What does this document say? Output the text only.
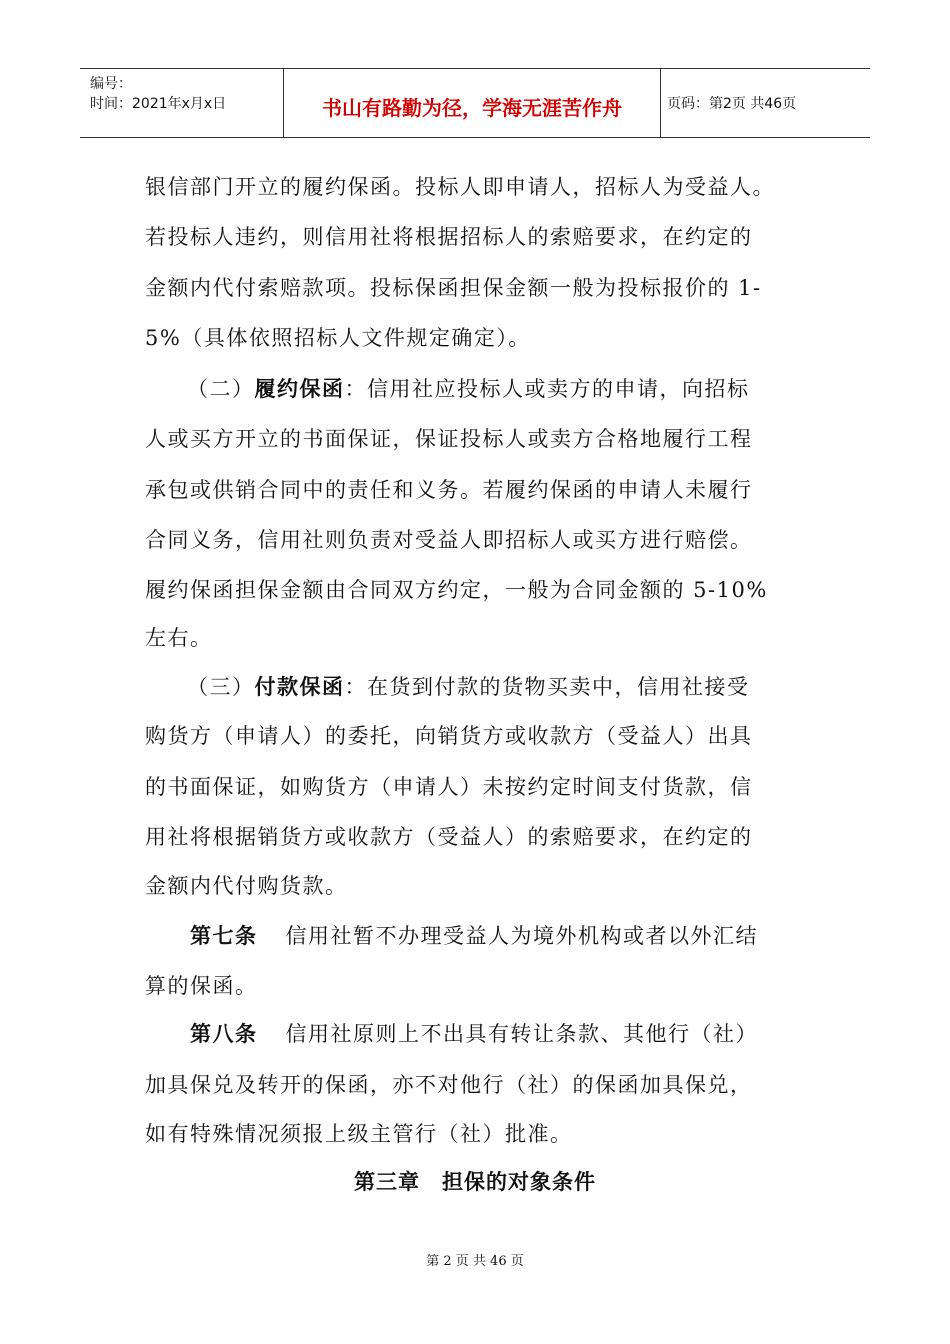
编号：
时间：2021年x月x日	书山有路勤为径，学海无涯苦作舟	页码：第2页 共46页
银信部门开立的履约保函。投标人即申请人，招标人为受益人。
若投标人违约，则信用社将根据招标人的索赔要求，在约定的
金额内代付索赔款项。投标保函担保金额一般为投标报价的 1-
5%（具体依照招标人文件规定确定）。
（二）履约保函：信用社应投标人或卖方的申请，向招标
人或买方开立的书面保证，保证投标人或卖方合格地履行工程
承包或供销合同中的责任和义务。若履约保函的申请人未履行
合同义务，信用社则负责对受益人即招标人或买方进行赔偿。
履约保函担保金额由合同双方约定，一般为合同金额的 5-10%
左右。
（三）付款保函：在货到付款的货物买卖中，信用社接受
购货方（申请人）的委托，向销货方或收款方（受益人）出具
的书面保证，如购货方（申请人）未按约定时间支付货款，信
用社将根据销货方或收款方（受益人）的索赔要求，在约定的
金额内代付购货款。
第七条 信用社暂不办理受益人为境外机构或者以外汇结
算的保函。
第八条 信用社原则上不出具有转让条款、其他行（社）
加具保兑及转开的保函，亦不对他行（社）的保函加具保兑，
如有特殊情况须报上级主管行（社）批准。
第三章　担保的对象条件
第 2 页 共 46 页
